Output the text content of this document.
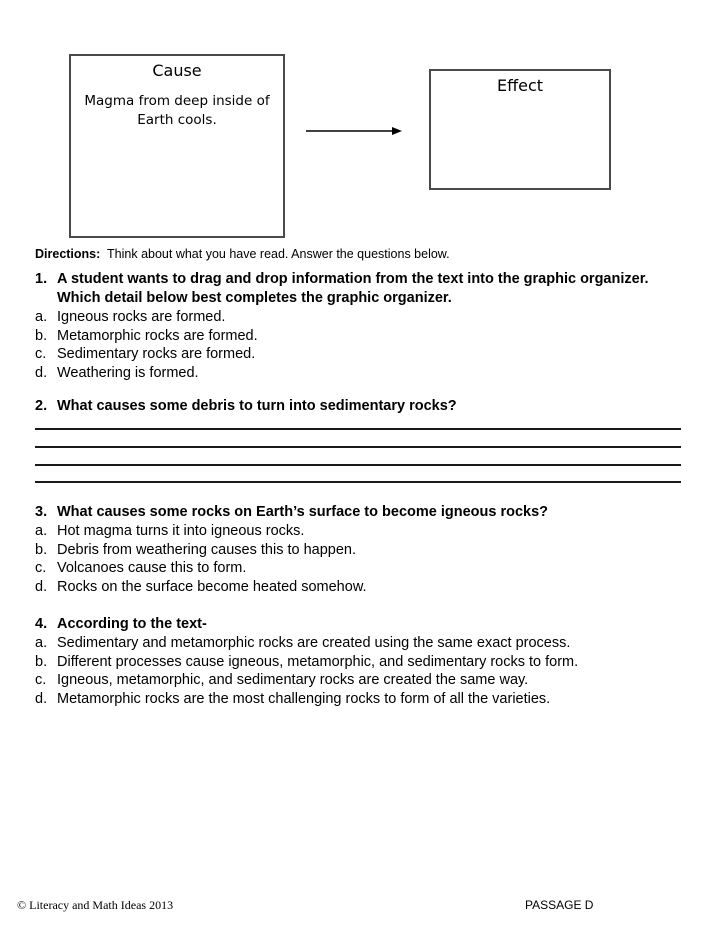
Cause
Magma from deep inside of Earth cools.
Effect
Directions: Think about what you have read. Answer the questions below.
1. A student wants to drag and drop information from the text into the graphic organizer. Which detail below best completes the graphic organizer.
a. Igneous rocks are formed.
b. Metamorphic rocks are formed.
c. Sedimentary rocks are formed.
d. Weathering is formed.
2. What causes some debris to turn into sedimentary rocks?
3. What causes some rocks on Earth’s surface to become igneous rocks?
a. Hot magma turns it into igneous rocks.
b. Debris from weathering causes this to happen.
c. Volcanoes cause this to form.
d. Rocks on the surface become heated somehow.
4. According to the text-
a. Sedimentary and metamorphic rocks are created using the same exact process.
b. Different processes cause igneous, metamorphic, and sedimentary rocks to form.
c. Igneous, metamorphic, and sedimentary rocks are created the same way.
d. Metamorphic rocks are the most challenging rocks to form of all the varieties.
© Literacy and Math Ideas 2013	PASSAGE D
